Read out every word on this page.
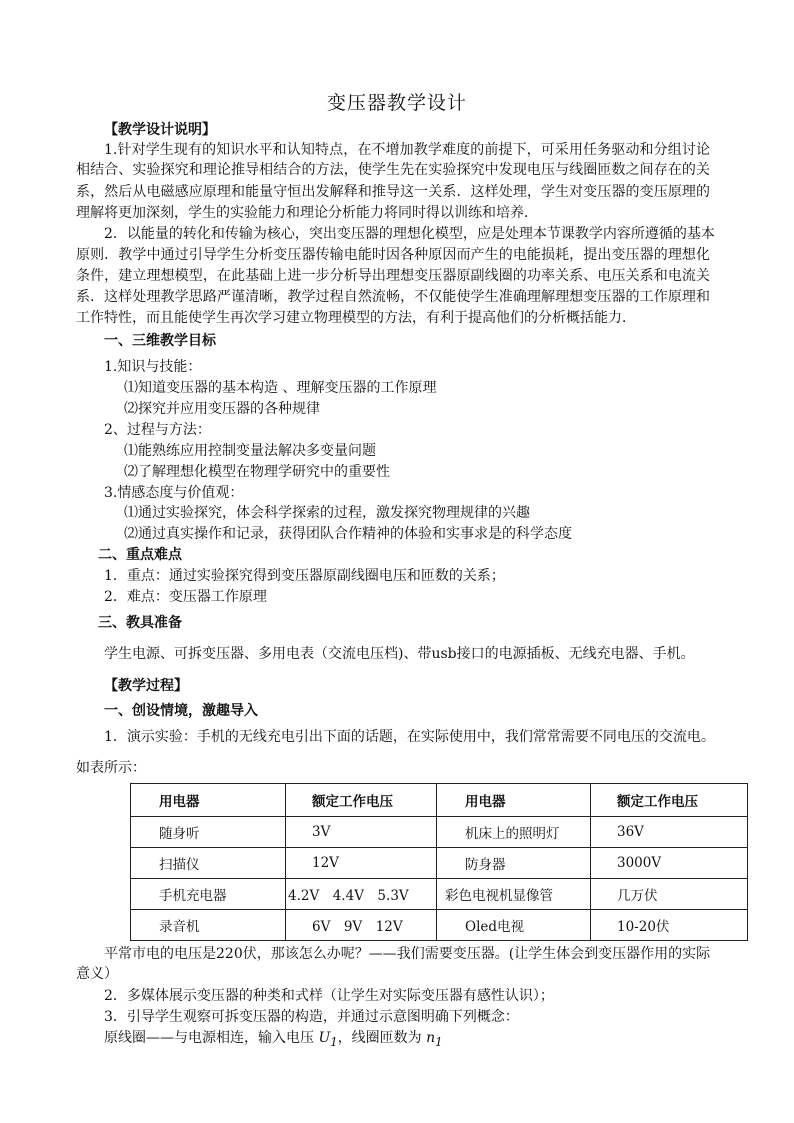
变压器教学设计
【教学设计说明】
1.针对学生现有的知识水平和认知特点，在不增加教学难度的前提下，可采用任务驱动和分组讨论
相结合、实验探究和理论推导相结合的方法，使学生先在实验探究中发现电压与线圈匝数之间存在的关
系，然后从电磁感应原理和能量守恒出发解释和推导这一关系．这样处理，学生对变压器的变压原理的
理解将更加深刻，学生的实验能力和理论分析能力将同时得以训练和培养．
2．以能量的转化和传输为核心，突出变压器的理想化模型，应是处理本节课教学内容所遵循的基本
原则．教学中通过引导学生分析变压器传输电能时因各种原因而产生的电能损耗，提出变压器的理想化
条件，建立理想模型，在此基础上进一步分析导出理想变压器原副线圈的功率关系、电压关系和电流关
系．这样处理教学思路严谨清晰，教学过程自然流畅，不仅能使学生准确理解理想变压器的工作原理和
工作特性，而且能使学生再次学习建立物理模型的方法，有利于提高他们的分析概括能力．
一、三维教学目标
1.知识与技能：
⑴知道变压器的基本构造 、理解变压器的工作原理
⑵探究并应用变压器的各种规律
2、过程与方法：
⑴能熟练应用控制变量法解决多变量问题
⑵了解理想化模型在物理学研究中的重要性
3.情感态度与价值观：
⑴通过实验探究，体会科学探索的过程，激发探究物理规律的兴趣
⑵通过真实操作和记录，获得团队合作精神的体验和实事求是的科学态度
二、重点难点
1．重点：通过实验探究得到变压器原副线圈电压和匝数的关系；
2．难点：变压器工作原理
三、教具准备
学生电源、可拆变压器、多用电表（交流电压档)、带usb接口的电源插板、无线充电器、手机。
【教学过程】
一、创设情境，激趣导入
1．演示实验：手机的无线充电引出下面的话题，在实际使用中，我们常常需要不同电压的交流电。
如表所示：
用电器	额定工作电压	用电器	额定工作电压
随身听	3V	机床上的照明灯	36V
扫描仪	12V	防身器	3000V
手机充电器	4.2V　4.4V　5.3V	彩色电视机显像管	几万伏
录音机	6V　9V　12V	Oled电视	10-20伏
平常市电的电压是220伏，那该怎么办呢？——我们需要变压器。(让学生体会到变压器作用的实际
意义）
2．多媒体展示变压器的种类和式样（让学生对实际变压器有感性认识）；
3．引导学生观察可拆变压器的构造，并通过示意图明确下列概念：
原线圈——与电源相连，输入电压 $U_1$，线圈匝数为 $n_1$
